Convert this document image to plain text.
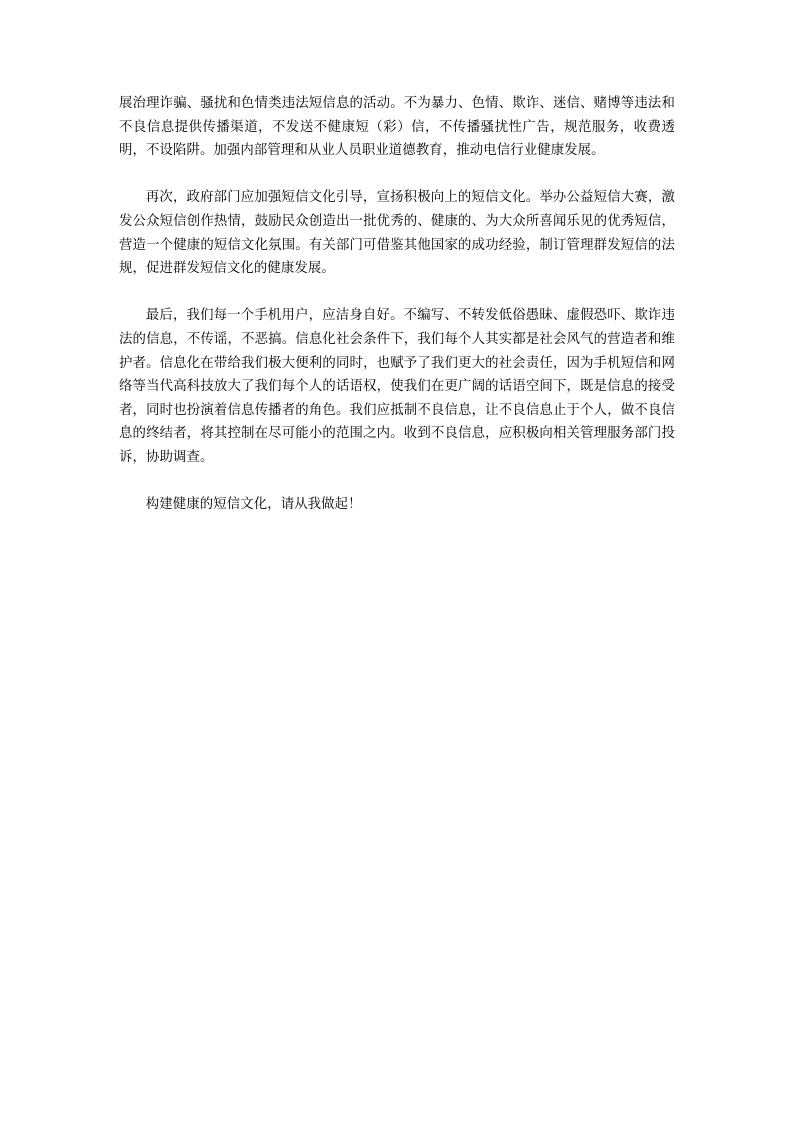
展治理诈骗、骚扰和色情类违法短信息的活动。不为暴力、色情、欺诈、迷信、赌博等违法和不良信息提供传播渠道，不发送不健康短（彩）信，不传播骚扰性广告，规范服务，收费透明，不设陷阱。加强内部管理和从业人员职业道德教育，推动电信行业健康发展。

再次，政府部门应加强短信文化引导，宣扬积极向上的短信文化。举办公益短信大赛，激发公众短信创作热情，鼓励民众创造出一批优秀的、健康的、为大众所喜闻乐见的优秀短信，营造一个健康的短信文化氛围。有关部门可借鉴其他国家的成功经验，制订管理群发短信的法规，促进群发短信文化的健康发展。

最后，我们每一个手机用户，应洁身自好。不编写、不转发低俗愚昧、虚假恐吓、欺诈违法的信息，不传谣，不恶搞。信息化社会条件下，我们每个人其实都是社会风气的营造者和维护者。信息化在带给我们极大便利的同时，也赋予了我们更大的社会责任，因为手机短信和网络等当代高科技放大了我们每个人的话语权，使我们在更广阔的话语空间下，既是信息的接受者，同时也扮演着信息传播者的角色。我们应抵制不良信息，让不良信息止于个人，做不良信息的终结者，将其控制在尽可能小的范围之内。收到不良信息，应积极向相关管理服务部门投诉，协助调查。

构建健康的短信文化，请从我做起！
